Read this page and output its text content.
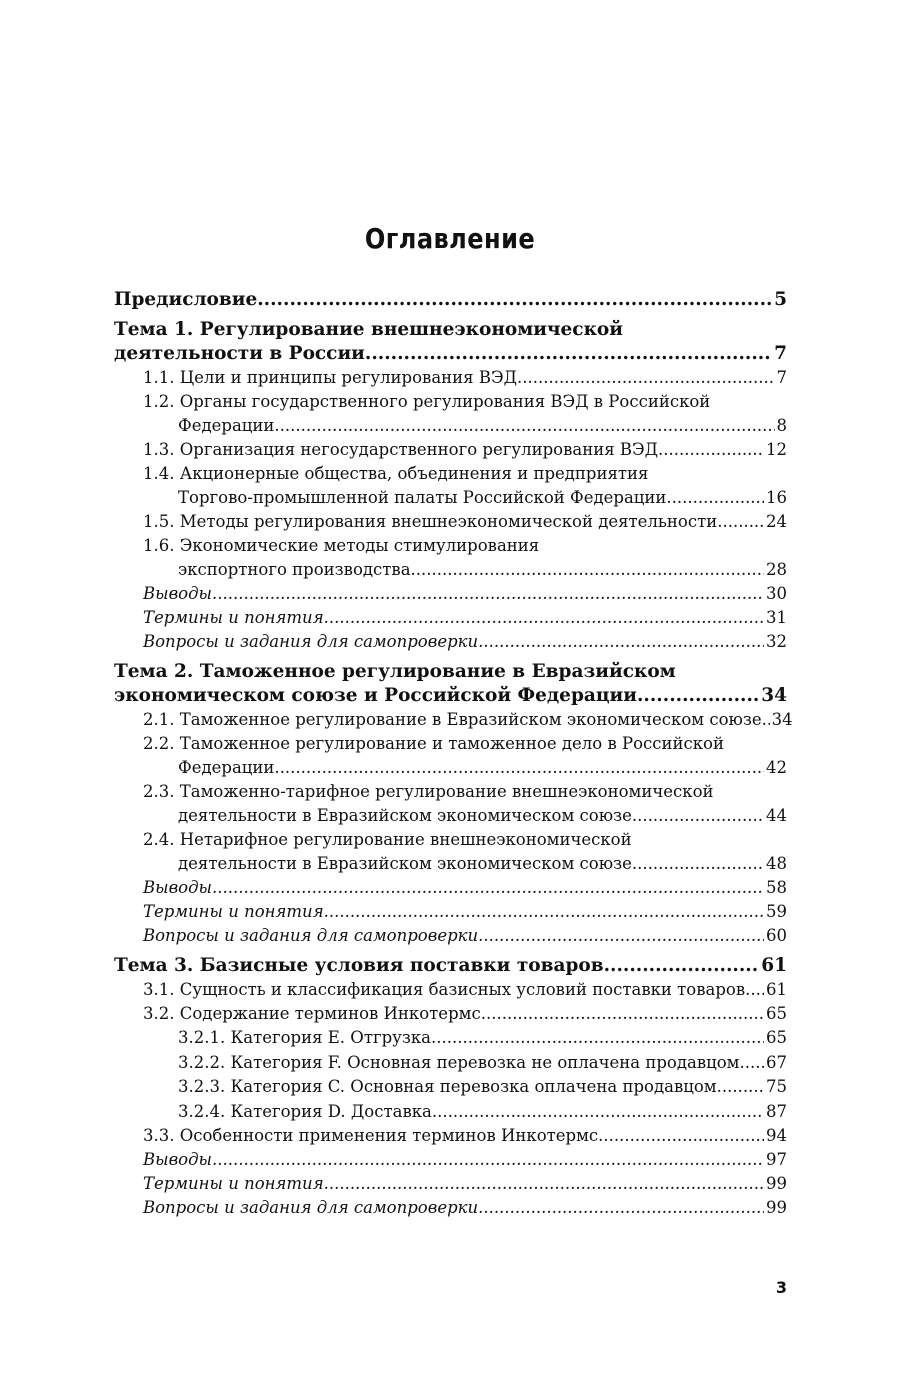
Оглавление
Предисловие .....	5
Тема 1. Регулирование внешнеэкономической
деятельности в России .....	7
1.1. Цели и принципы регулирования ВЭД .....	7
1.2. Органы государственного регулирования ВЭД в Российской
Федерации .....	8
1.3. Организация негосударственного регулирования ВЭД .....	12
1.4. Акционерные общества, объединения и предприятия
Торгово-промышленной палаты Российской Федерации .....	16
1.5. Методы регулирования внешнеэкономической деятельности .....	24
1.6. Экономические методы стимулирования
экспортного производства .....	28
Выводы .....	30
Термины и понятия .....	31
Вопросы и задания для самопроверки .....	32
Тема 2. Таможенное регулирование в Евразийском
экономическом союзе и Российской Федерации .....	34
2.1. Таможенное регулирование в Евразийском экономическом союзе ..... 34
2.2. Таможенное регулирование и таможенное дело в Российской
Федерации .....	42
2.3. Таможенно-тарифное регулирование внешнеэкономической
деятельности в Евразийском экономическом союзе .....	44
2.4. Нетарифное регулирование внешнеэкономической
деятельности в Евразийском экономическом союзе .....	48
Выводы .....	58
Термины и понятия .....	59
Вопросы и задания для самопроверки .....	60
Тема 3. Базисные условия поставки товаров .....	61
3.1. Сущность и классификация базисных условий поставки товаров ..... 61
3.2. Содержание терминов Инкотермс .....	65
3.2.1. Категория E. Отгрузка .....	65
3.2.2. Категория F. Основная перевозка не оплачена продавцом ..... 67
3.2.3. Категория C. Основная перевозка оплачена продавцом .....	75
3.2.4. Категория D. Доставка .....	87
3.3. Особенности применения терминов Инкотермс .....	94
Выводы .....	97
Термины и понятия .....	99
Вопросы и задания для самопроверки .....	99
3
